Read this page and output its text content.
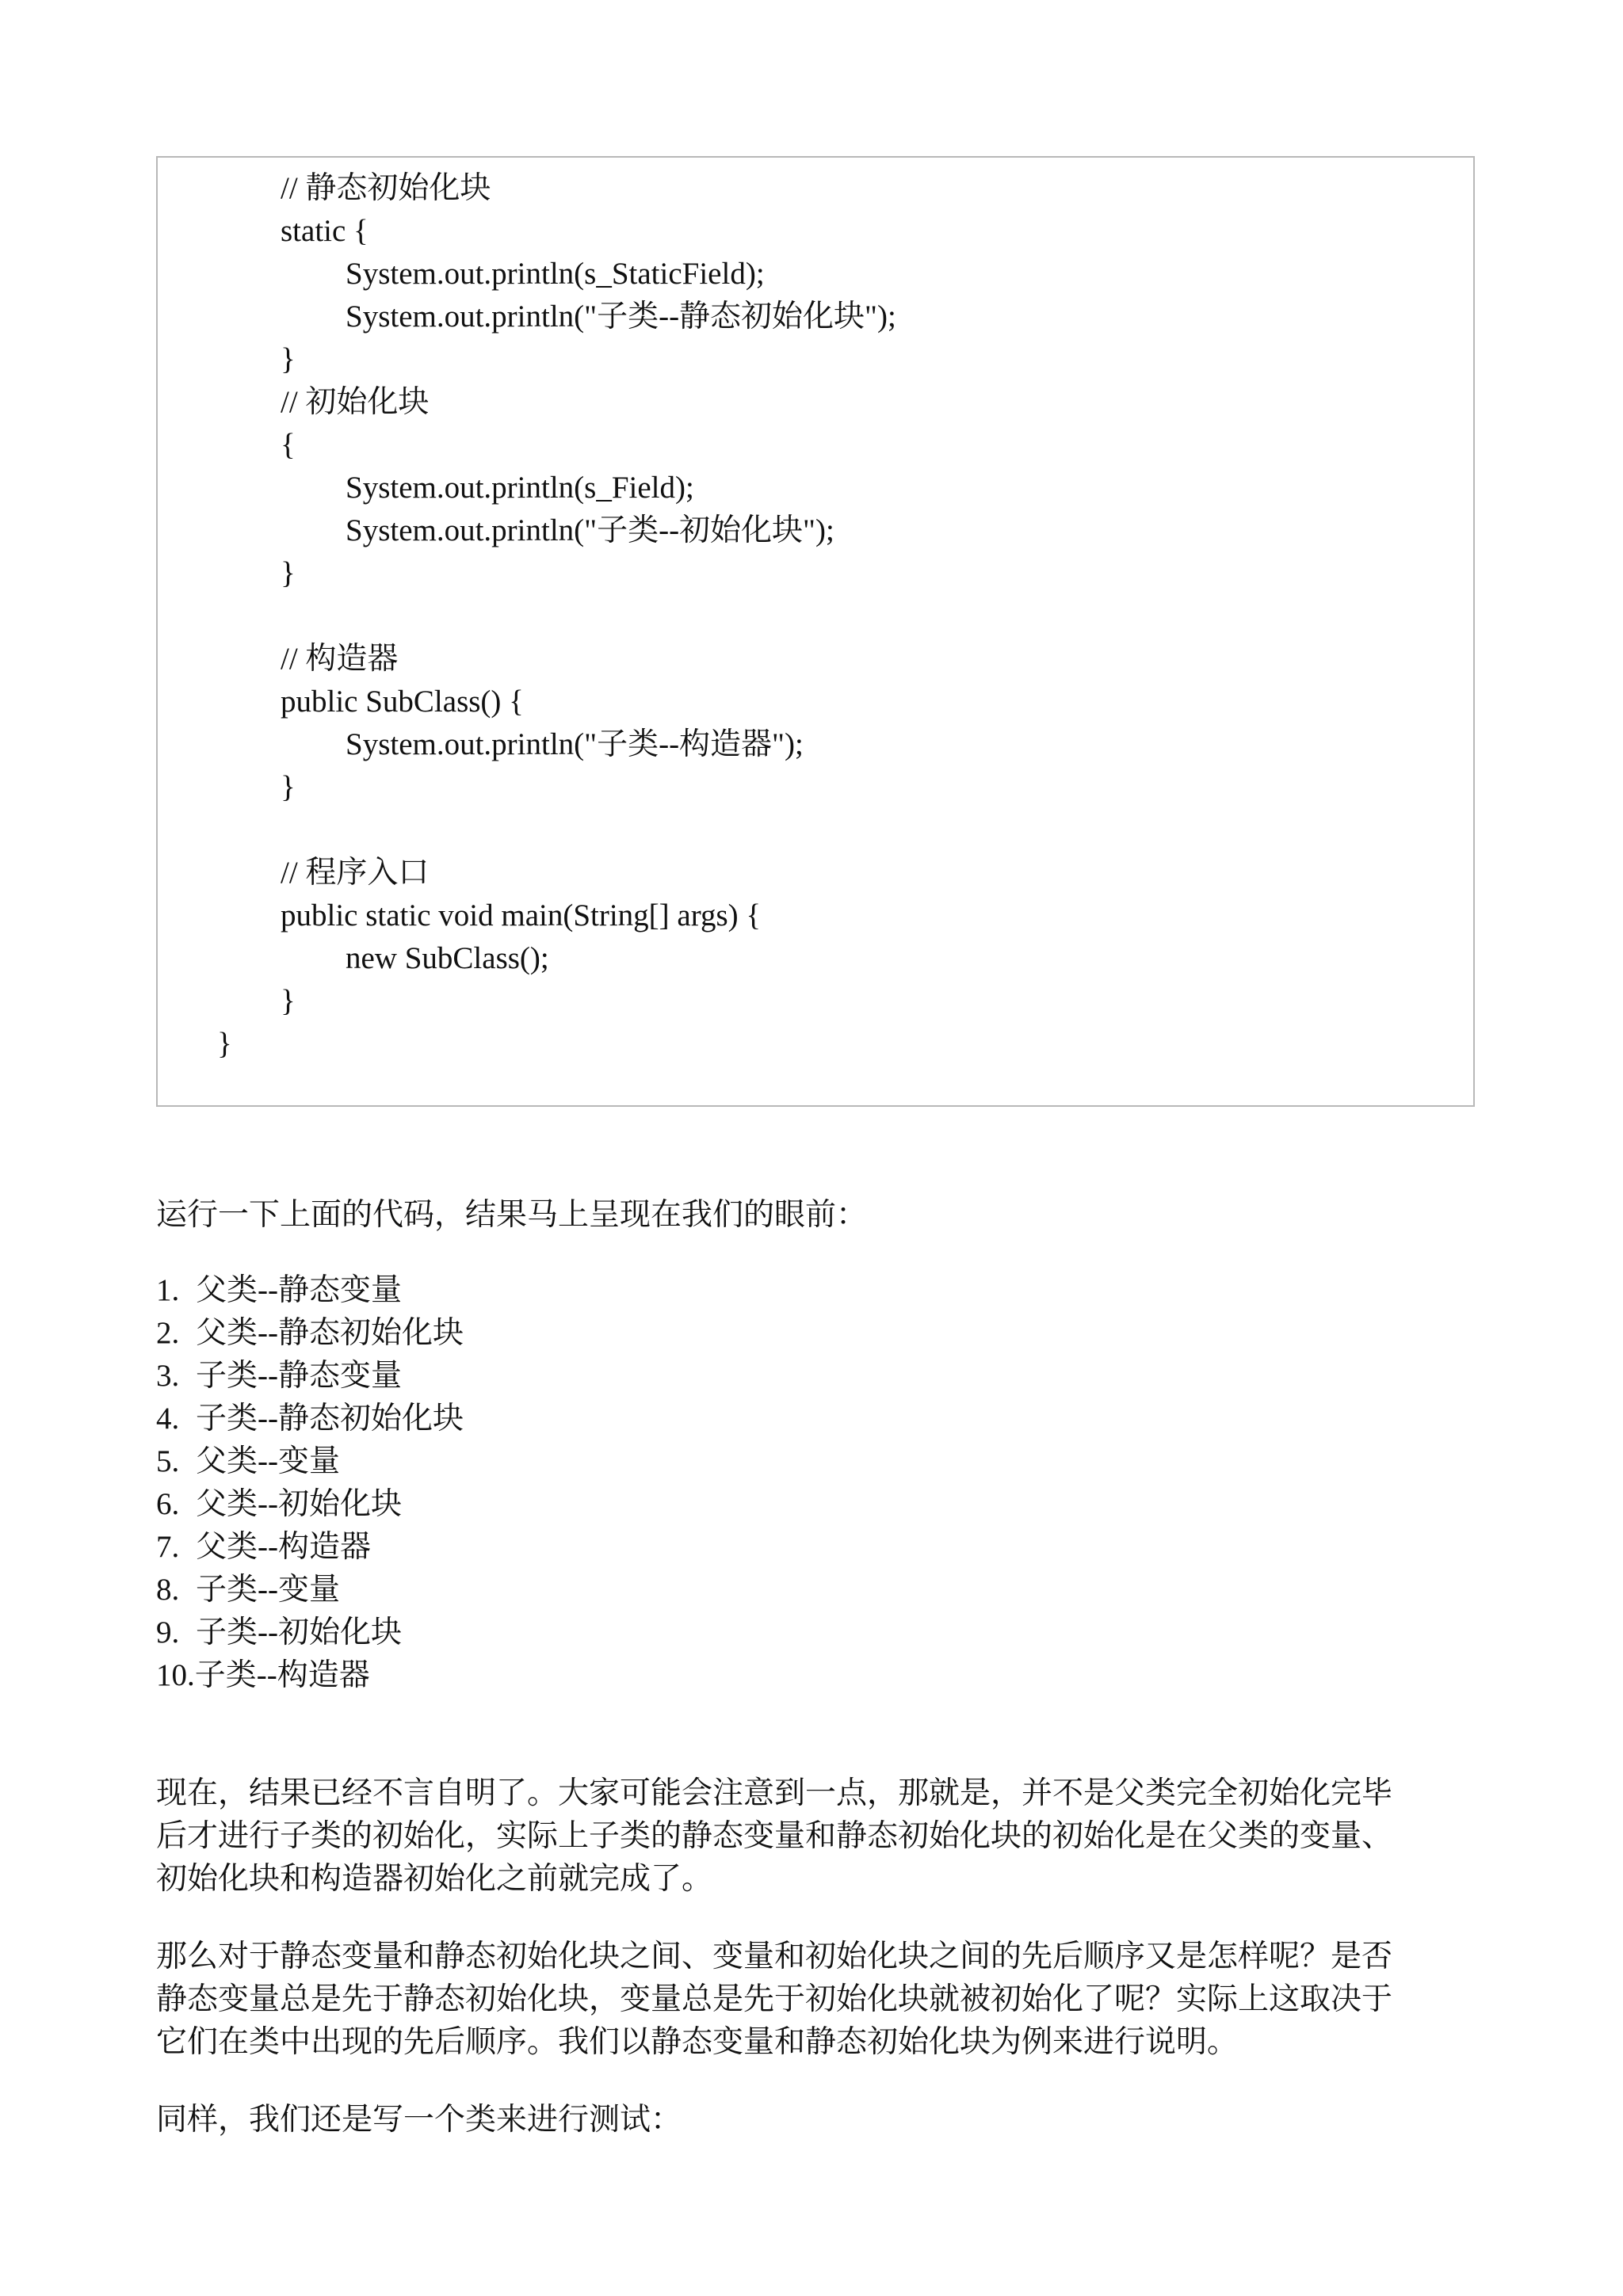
// 静态初始化块
static {
System.out.println(s_StaticField);
System.out.println("子类--静态初始化块");
}
// 初始化块
{
System.out.println(s_Field);
System.out.println("子类--初始化块");
}
// 构造器
public SubClass() {
System.out.println("子类--构造器");
}
// 程序入口
public static void main(String[] args) {
new SubClass();
}
}
运行一下上面的代码，结果马上呈现在我们的眼前：
1. 父类--静态变量
2. 父类--静态初始化块
3. 子类--静态变量
4. 子类--静态初始化块
5. 父类--变量
6. 父类--初始化块
7. 父类--构造器
8. 子类--变量
9. 子类--初始化块
10.子类--构造器
现在，结果已经不言自明了。大家可能会注意到一点，那就是，并不是父类完全初始化完毕
后才进行子类的初始化，实际上子类的静态变量和静态初始化块的初始化是在父类的变量、
初始化块和构造器初始化之前就完成了。
那么对于静态变量和静态初始化块之间、变量和初始化块之间的先后顺序又是怎样呢？是否
静态变量总是先于静态初始化块，变量总是先于初始化块就被初始化了呢？实际上这取决于
它们在类中出现的先后顺序。我们以静态变量和静态初始化块为例来进行说明。
同样，我们还是写一个类来进行测试：
